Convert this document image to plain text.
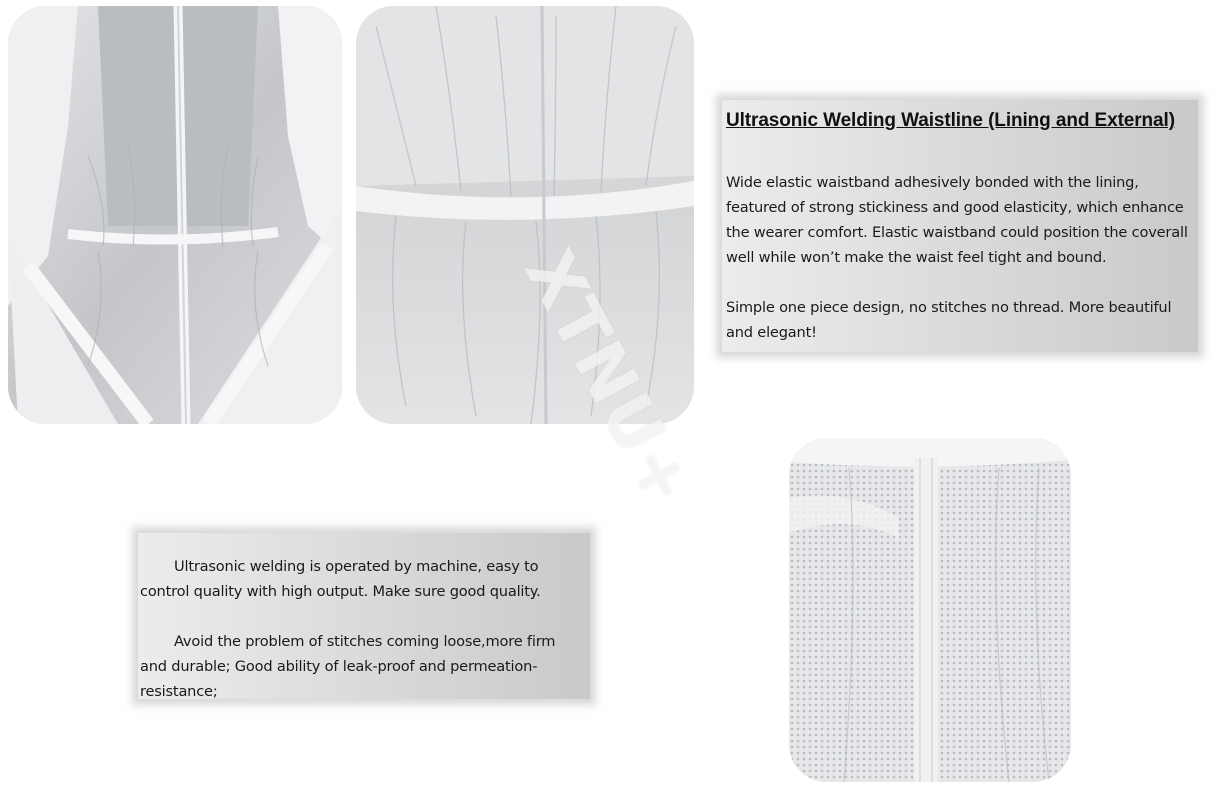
Ultrasonic Welding Waistline (Lining and External)

Wide elastic waistband adhesively bonded with the lining, featured of strong stickiness and good elasticity, which enhance the wearer comfort. Elastic waistband could position the coverall well while won’t make the waist feel tight and bound.

Simple one piece design, no stitches no thread. More beautiful and elegant!

Ultrasonic welding is operated by machine, easy to control quality with high output. Make sure good quality.

Avoid the problem of stitches coming loose,more firm and durable; Good ability of leak-proof and permeation-resistance;

XTNU+
